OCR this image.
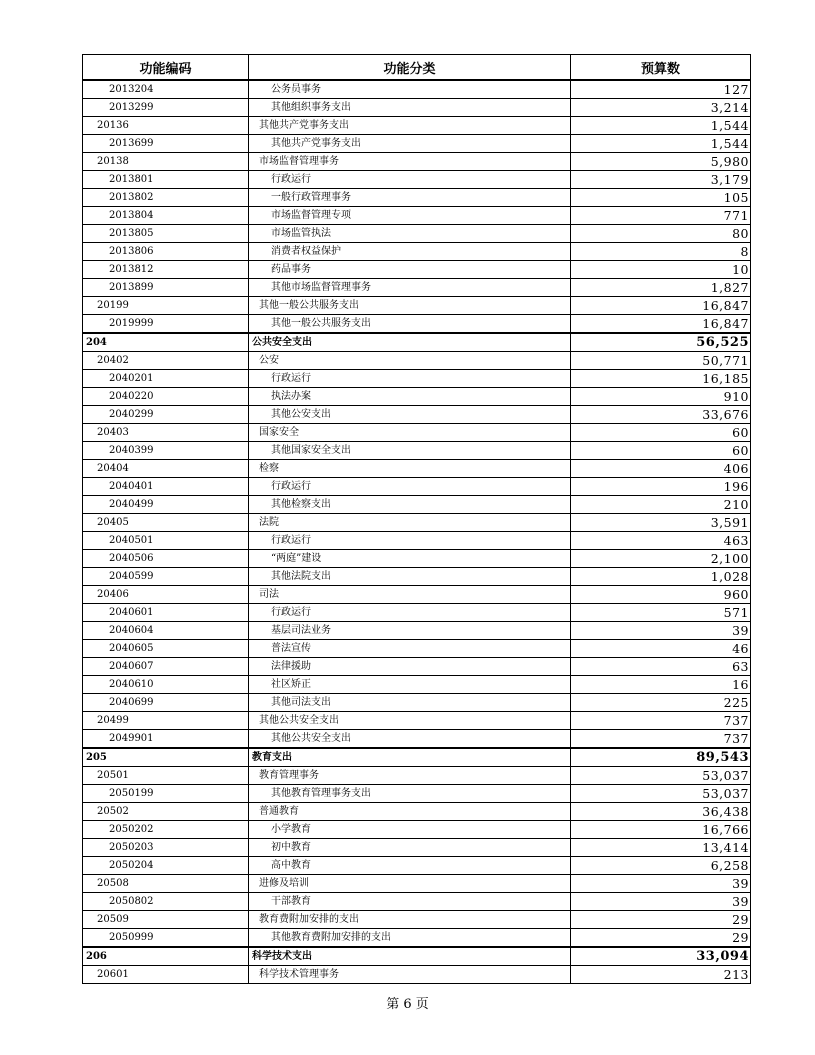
功能编码	功能分类	预算数
2013204	公务员事务	127
2013299	其他组织事务支出	3,214
20136	其他共产党事务支出	1,544
2013699	其他共产党事务支出	1,544
20138	市场监督管理事务	5,980
2013801	行政运行	3,179
2013802	一般行政管理事务	105
2013804	市场监督管理专项	771
2013805	市场监管执法	80
2013806	消费者权益保护	8
2013812	药品事务	10
2013899	其他市场监督管理事务	1,827
20199	其他一般公共服务支出	16,847
2019999	其他一般公共服务支出	16,847
204	公共安全支出	56,525
20402	公安	50,771
2040201	行政运行	16,185
2040220	执法办案	910
2040299	其他公安支出	33,676
20403	国家安全	60
2040399	其他国家安全支出	60
20404	检察	406
2040401	行政运行	196
2040499	其他检察支出	210
20405	法院	3,591
2040501	行政运行	463
2040506	“两庭”建设	2,100
2040599	其他法院支出	1,028
20406	司法	960
2040601	行政运行	571
2040604	基层司法业务	39
2040605	普法宣传	46
2040607	法律援助	63
2040610	社区矫正	16
2040699	其他司法支出	225
20499	其他公共安全支出	737
2049901	其他公共安全支出	737
205	教育支出	89,543
20501	教育管理事务	53,037
2050199	其他教育管理事务支出	53,037
20502	普通教育	36,438
2050202	小学教育	16,766
2050203	初中教育	13,414
2050204	高中教育	6,258
20508	进修及培训	39
2050802	干部教育	39
20509	教育费附加安排的支出	29
2050999	其他教育费附加安排的支出	29
206	科学技术支出	33,094
20601	科学技术管理事务	213
第 6 页
